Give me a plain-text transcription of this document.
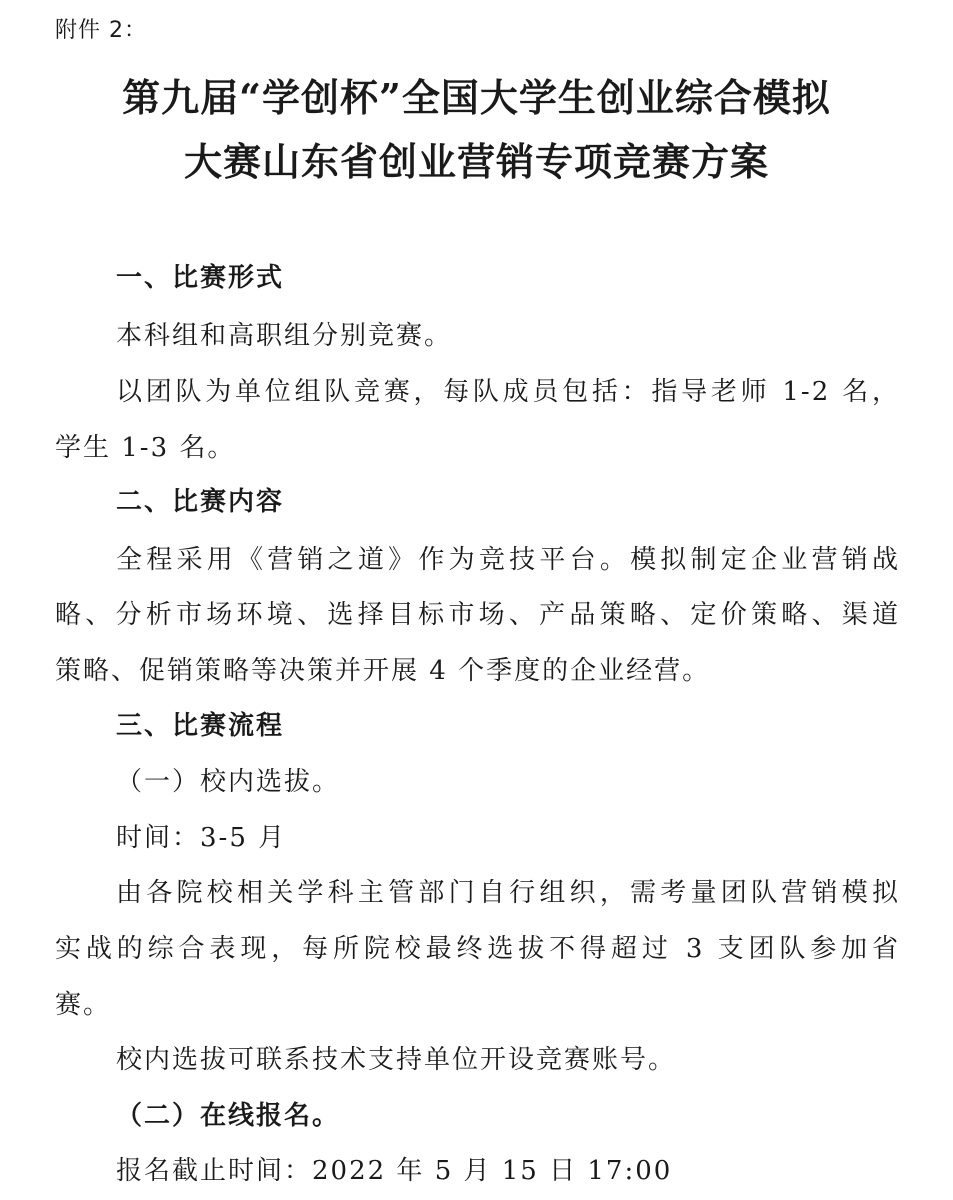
附件 2：
第九届“学创杯”全国大学生创业综合模拟
大赛山东省创业营销专项竞赛方案
一、比赛形式
本科组和高职组分别竞赛。
以团队为单位组队竞赛，每队成员包括：指导老师 1-2 名，
学生 1-3 名。
二、比赛内容
全程采用《营销之道》作为竞技平台。模拟制定企业营销战
略、分析市场环境、选择目标市场、产品策略、定价策略、渠道
策略、促销策略等决策并开展 4 个季度的企业经营。
三、比赛流程
（一）校内选拔。
时间：3-5 月
由各院校相关学科主管部门自行组织，需考量团队营销模拟
实战的综合表现，每所院校最终选拔不得超过 3 支团队参加省
赛。
校内选拔可联系技术支持单位开设竞赛账号。
（二）在线报名。
报名截止时间：2022 年 5 月 15 日 17:00
